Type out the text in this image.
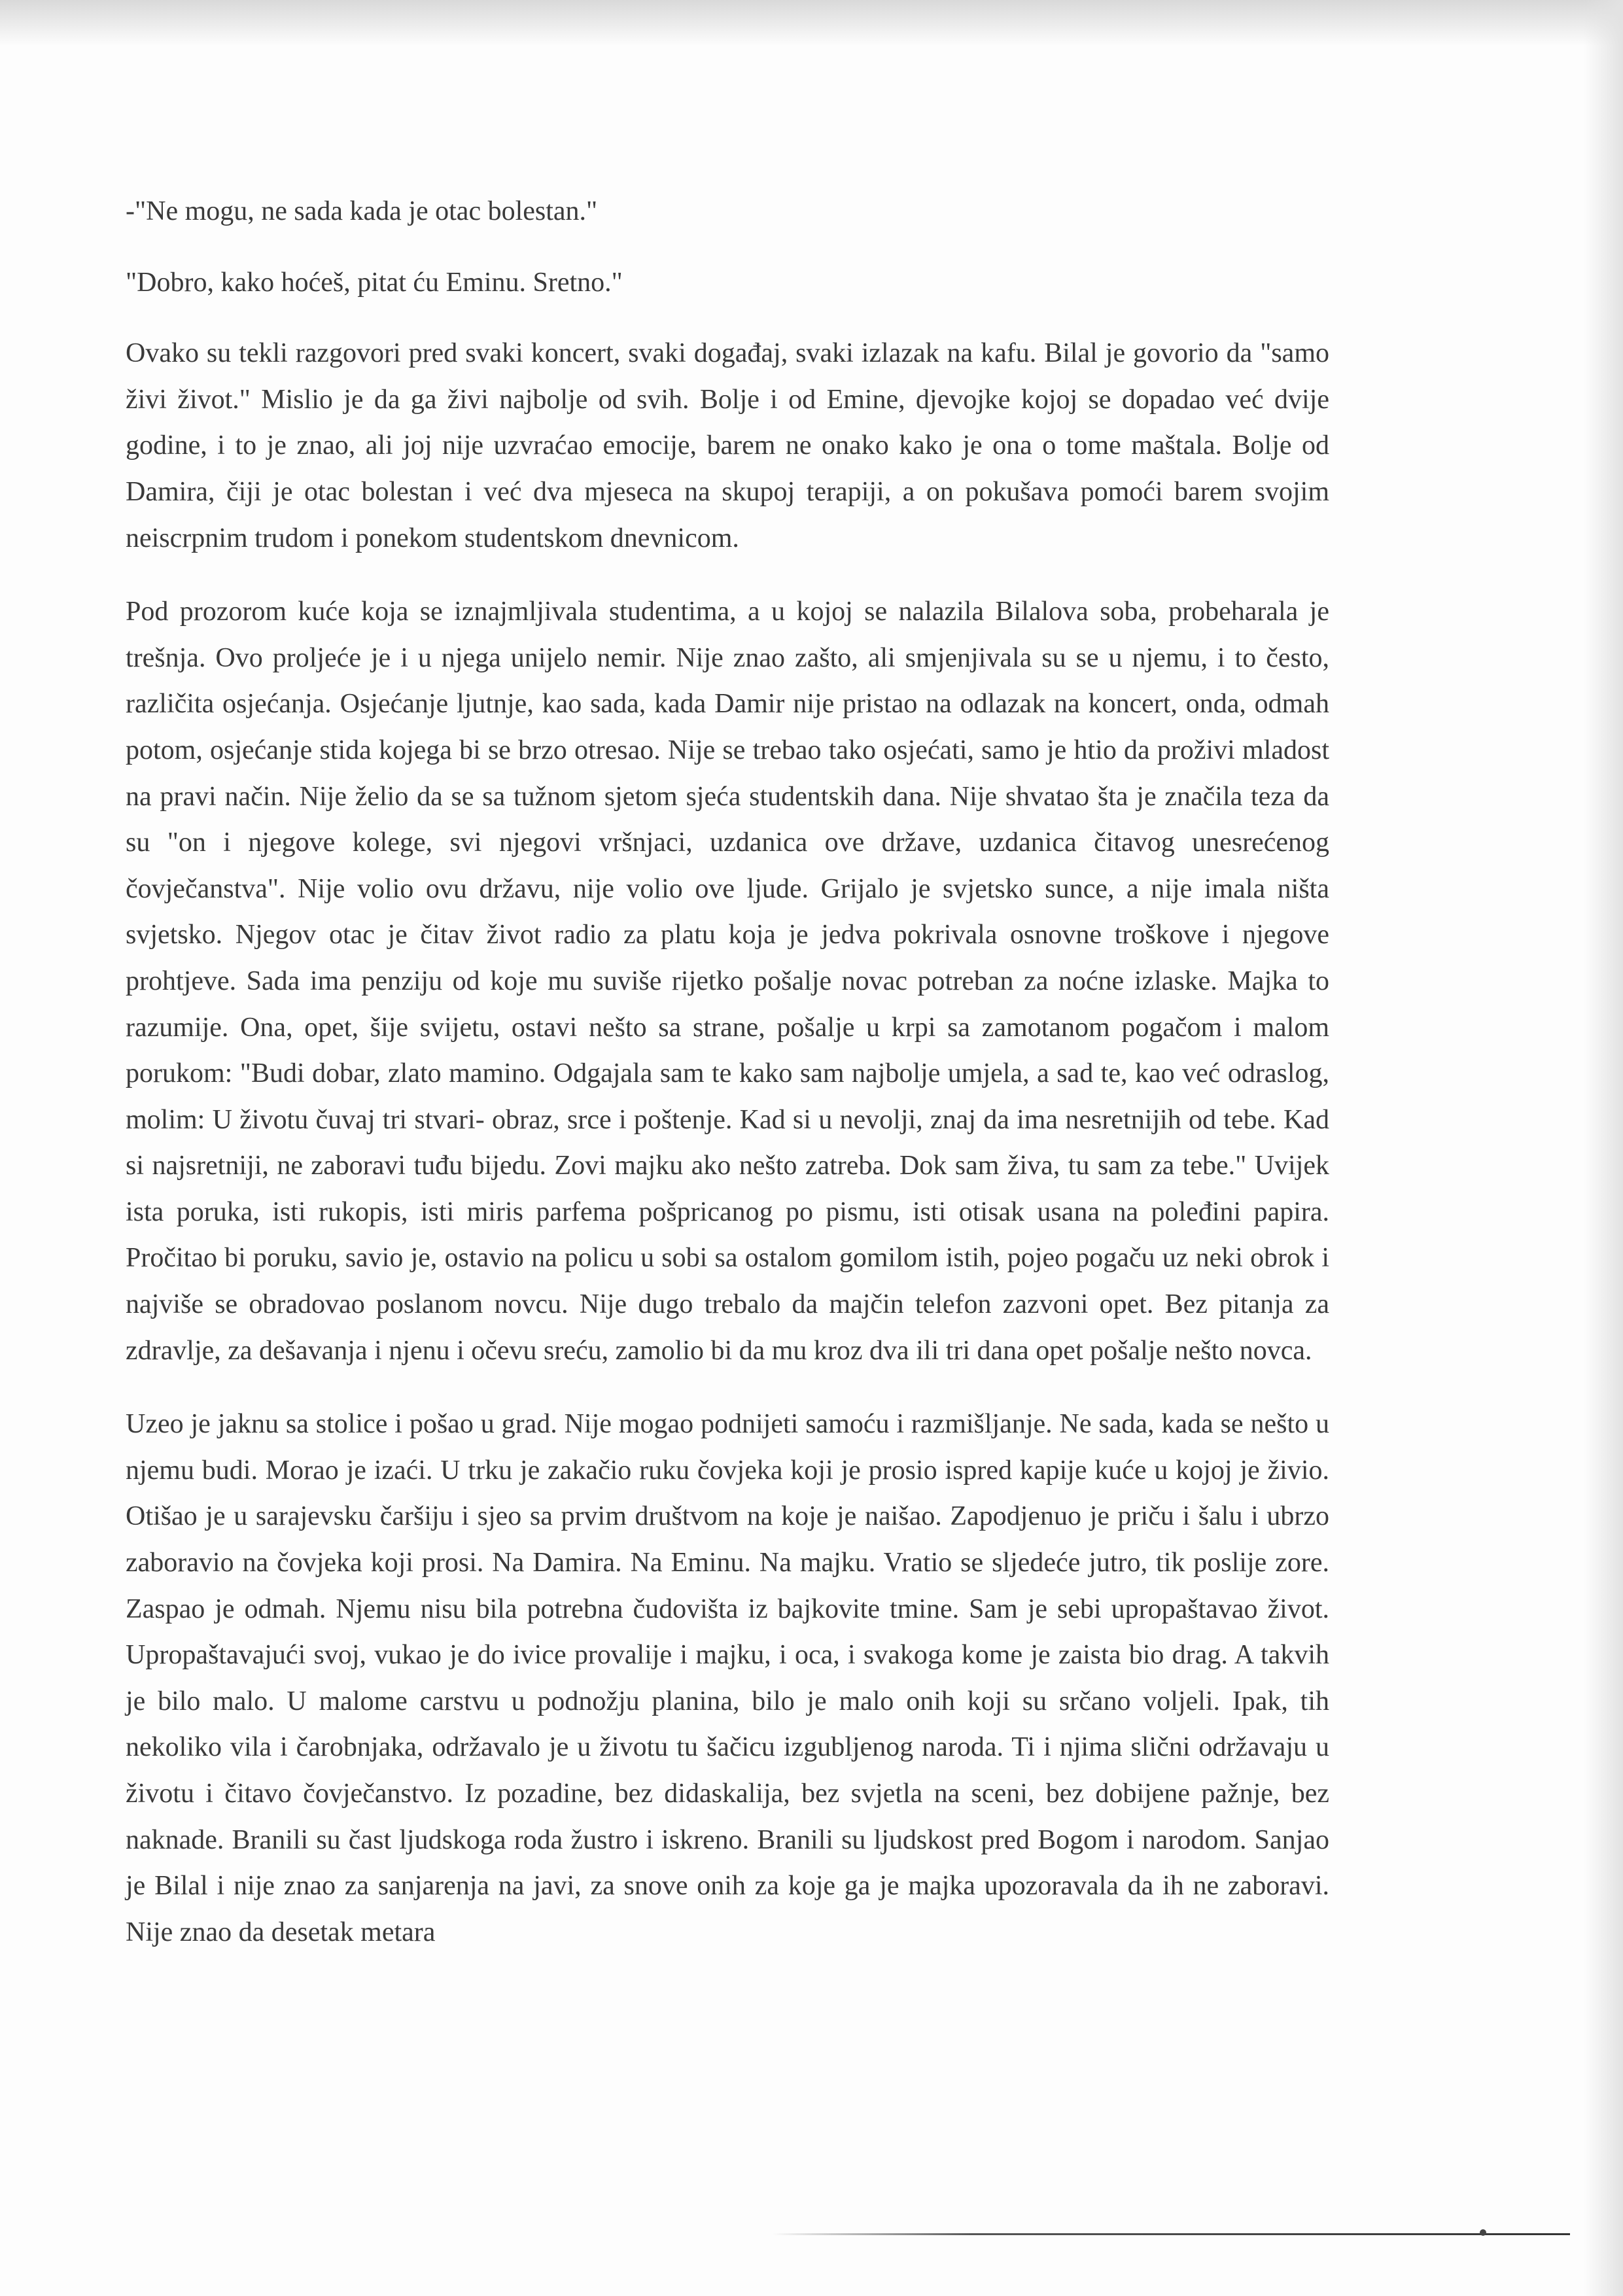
-"Ne mogu, ne sada kada je otac bolestan."

"Dobro, kako hoćeš, pitat ću Eminu. Sretno."

Ovako su tekli razgovori pred svaki koncert, svaki događaj, svaki izlazak na kafu. Bilal je govorio da "samo živi život." Mislio je da ga živi najbolje od svih. Bolje i od Emine, djevojke kojoj se dopadao već dvije godine, i to je znao, ali joj nije uzvraćao emocije, barem ne onako kako je ona o tome maštala. Bolje od Damira, čiji je otac bolestan i već dva mjeseca na skupoj terapiji, a on pokušava pomoći barem svojim neiscrpnim trudom i ponekom studentskom dnevnicom.

Pod prozorom kuće koja se iznajmljivala studentima, a u kojoj se nalazila Bilalova soba, probeharala je trešnja. Ovo proljeće je i u njega unijelo nemir. Nije znao zašto, ali smjenjivala su se u njemu, i to često, različita osjećanja. Osjećanje ljutnje, kao sada, kada Damir nije pristao na odlazak na koncert, onda, odmah potom, osjećanje stida kojega bi se brzo otresao. Nije se trebao tako osjećati, samo je htio da proživi mladost na pravi način. Nije želio da se sa tužnom sjetom sjeća studentskih dana. Nije shvatao šta je značila teza da su "on i njegove kolege, svi njegovi vršnjaci, uzdanica ove države, uzdanica čitavog unesrećenog čovječanstva". Nije volio ovu državu, nije volio ove ljude. Grijalo je svjetsko sunce, a nije imala ništa svjetsko. Njegov otac je čitav život radio za platu koja je jedva pokrivala osnovne troškove i njegove prohtjeve. Sada ima penziju od koje mu suviše rijetko pošalje novac potreban za noćne izlaske. Majka to razumije. Ona, opet, šije svijetu, ostavi nešto sa strane, pošalje u krpi sa zamotanom pogačom i malom porukom: "Budi dobar, zlato mamino. Odgajala sam te kako sam najbolje umjela, a sad te, kao već odraslog, molim: U životu čuvaj tri stvari- obraz, srce i poštenje. Kad si u nevolji, znaj da ima nesretnijih od tebe. Kad si najsretniji, ne zaboravi tuđu bijedu. Zovi majku ako nešto zatreba. Dok sam živa, tu sam za tebe." Uvijek ista poruka, isti rukopis, isti miris parfema pošpricanog po pismu, isti otisak usana na poleđini papira. Pročitao bi poruku, savio je, ostavio na policu u sobi sa ostalom gomilom istih, pojeo pogaču uz neki obrok i najviše se obradovao poslanom novcu. Nije dugo trebalo da majčin telefon zazvoni opet. Bez pitanja za zdravlje, za dešavanja i njenu i očevu sreću, zamolio bi da mu kroz dva ili tri dana opet pošalje nešto novca.

Uzeo je jaknu sa stolice i pošao u grad. Nije mogao podnijeti samoću i razmišljanje. Ne sada, kada se nešto u njemu budi. Morao je izaći. U trku je zakačio ruku čovjeka koji je prosio ispred kapije kuće u kojoj je živio. Otišao je u sarajevsku čaršiju i sjeo sa prvim društvom na koje je naišao. Zapodjenuo je priču i šalu i ubrzo zaboravio na čovjeka koji prosi. Na Damira. Na Eminu. Na majku. Vratio se sljedeće jutro, tik poslije zore. Zaspao je odmah. Njemu nisu bila potrebna čudovišta iz bajkovite tmine. Sam je sebi upropaštavao život. Upropaštavajući svoj, vukao je do ivice provalije i majku, i oca, i svakoga kome je zaista bio drag. A takvih je bilo malo. U malome carstvu u podnožju planina, bilo je malo onih koji su srčano voljeli. Ipak, tih nekoliko vila i čarobnjaka, održavalo je u životu tu šačicu izgubljenog naroda. Ti i njima slični održavaju u životu i čitavo čovječanstvo. Iz pozadine, bez didaskalija, bez svjetla na sceni, bez dobijene pažnje, bez naknade. Branili su čast ljudskoga roda žustro i iskreno. Branili su ljudskost pred Bogom i narodom. Sanjao je Bilal i nije znao za sanjarenja na javi, za snove onih za koje ga je majka upozoravala da ih ne zaboravi. Nije znao da desetak metara
